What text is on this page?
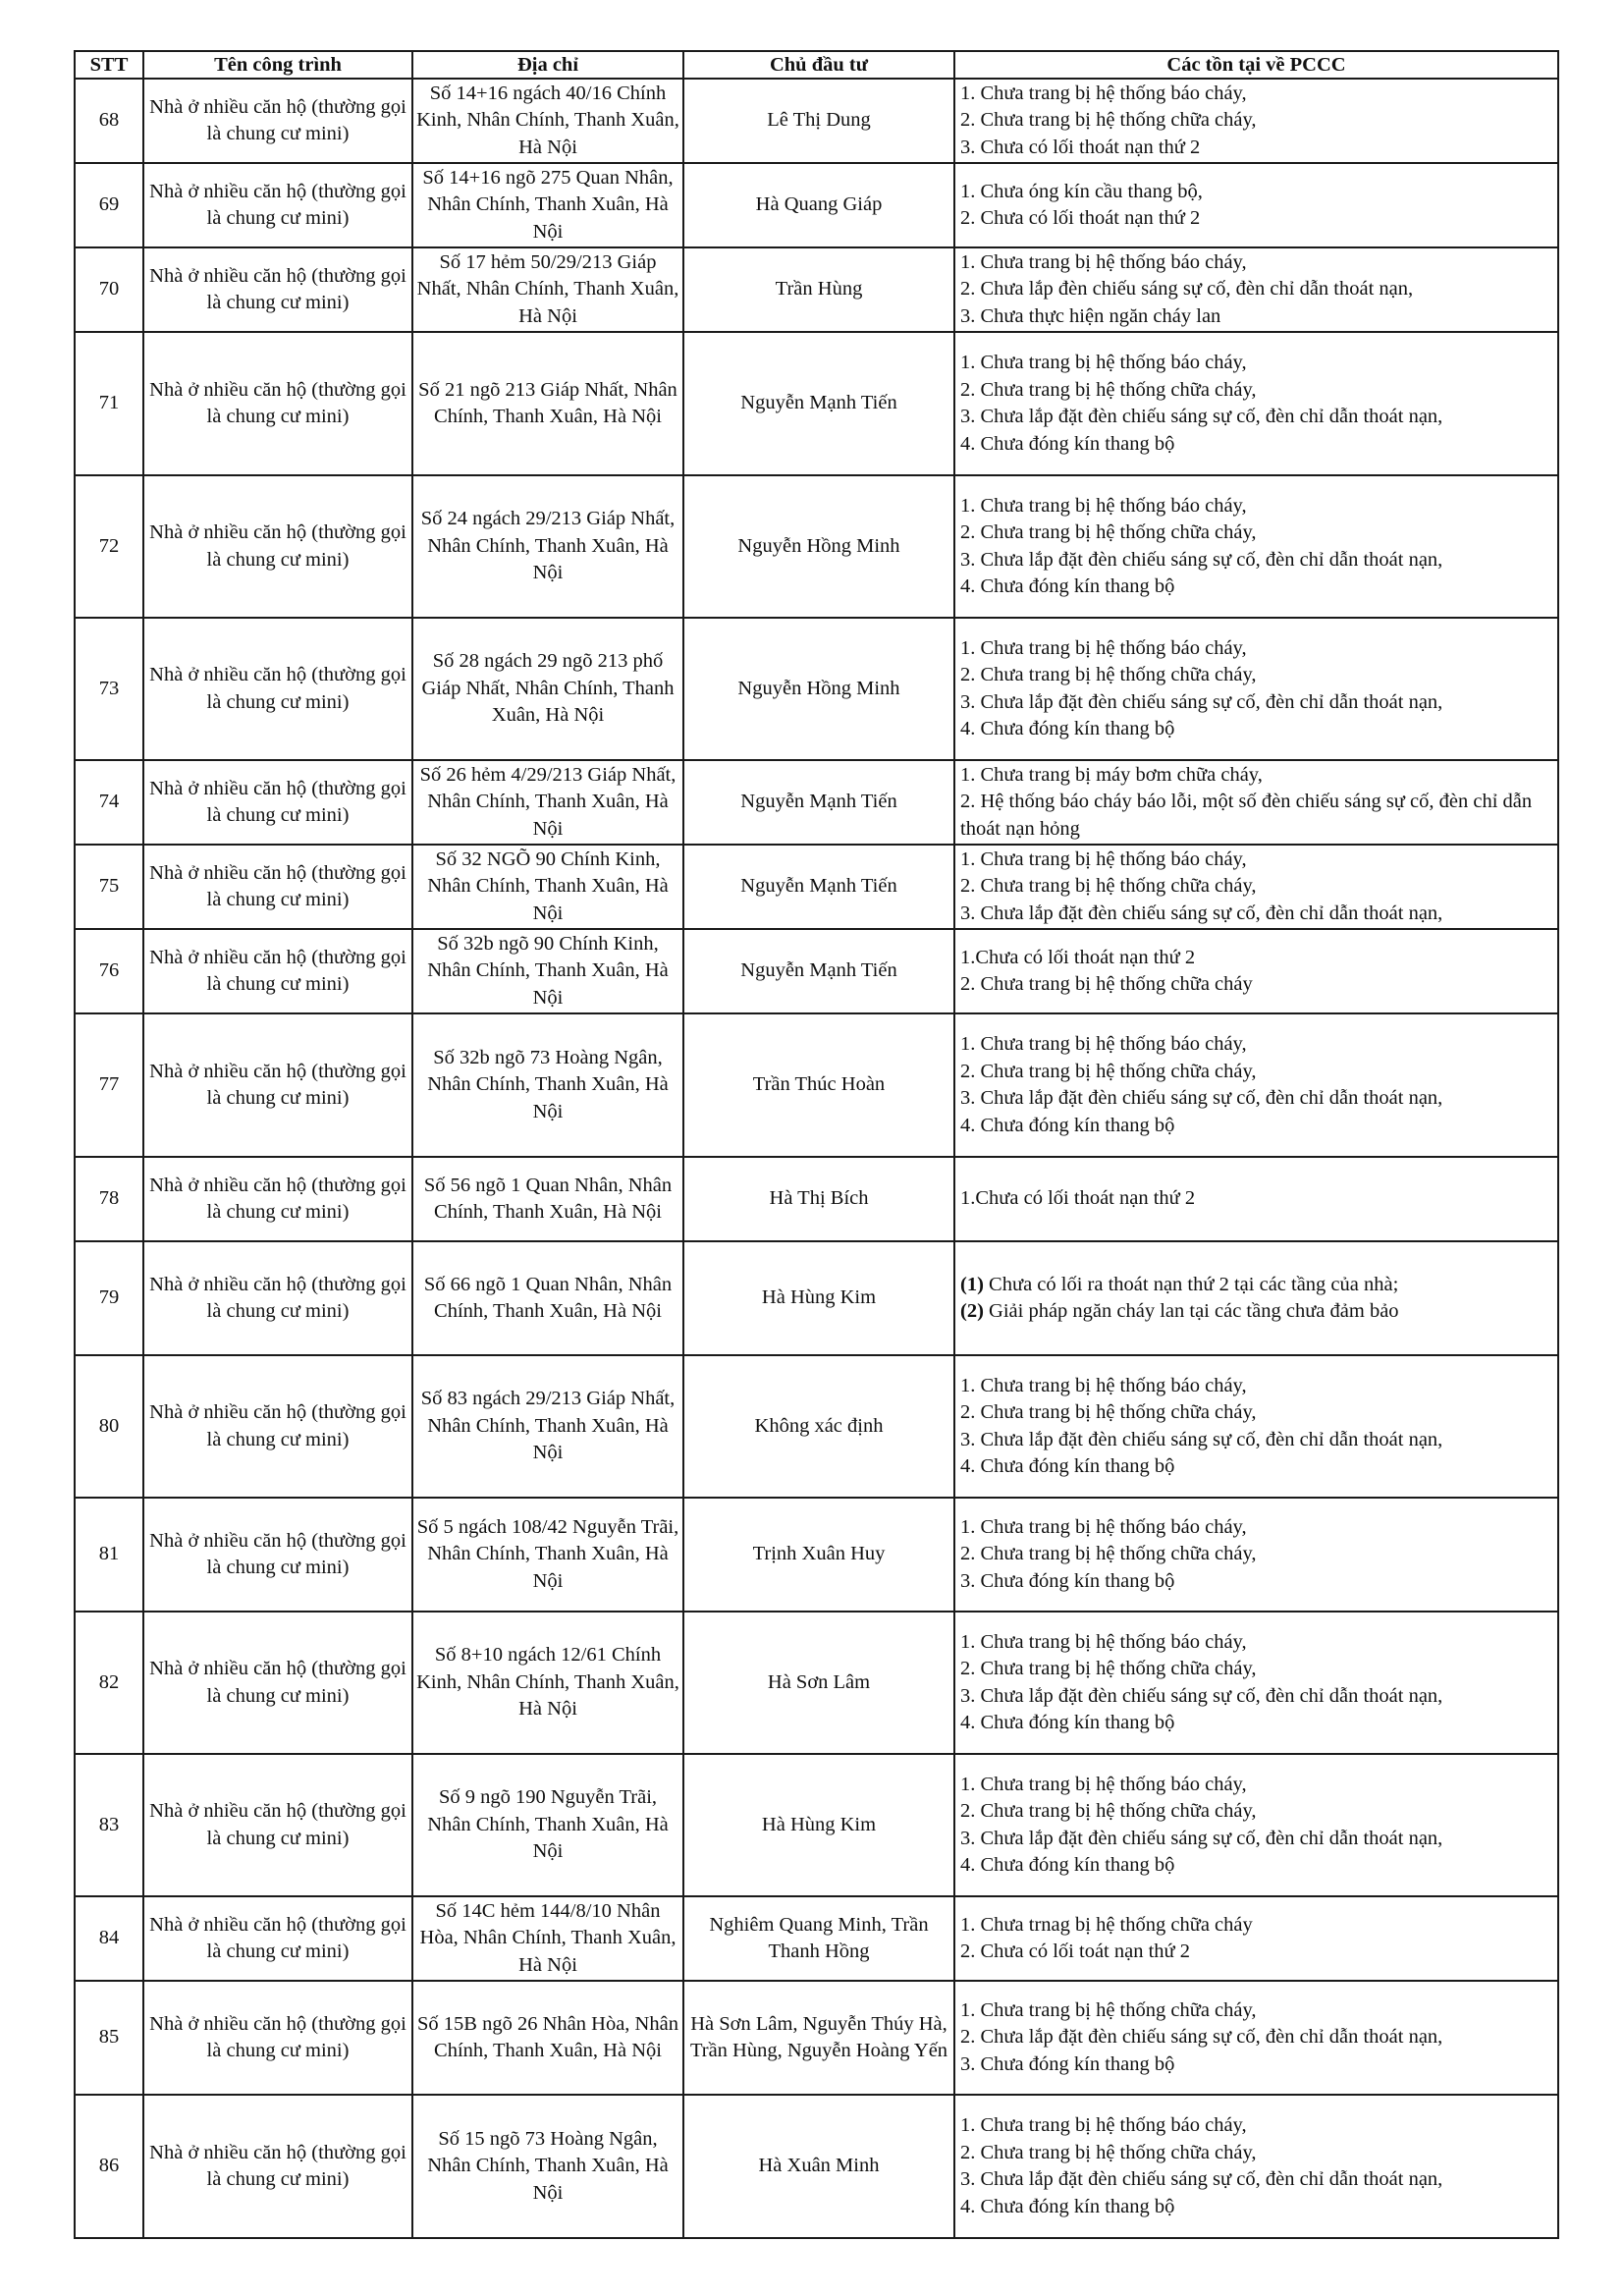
STT	Tên công trình	Địa chỉ	Chủ đầu tư	Các tồn tại về PCCC
68	Nhà ở nhiều căn hộ (thường gọi là chung cư mini)	Số 14+16 ngách 40/16 Chính Kinh, Nhân Chính, Thanh Xuân, Hà Nội	Lê Thị Dung	1. Chưa trang bị hệ thống báo cháy,
2. Chưa trang bị hệ thống chữa cháy,
3. Chưa có lối thoát nạn thứ 2

69	Nhà ở nhiều căn hộ (thường gọi là chung cư mini)	Số 14+16 ngõ 275 Quan Nhân, Nhân Chính, Thanh Xuân, Hà Nội	Hà Quang Giáp	1. Chưa óng kín cầu thang bộ,
2. Chưa có lối thoát nạn thứ 2

70	Nhà ở nhiều căn hộ (thường gọi là chung cư mini)	Số 17 hẻm 50/29/213 Giáp Nhất, Nhân Chính, Thanh Xuân, Hà Nội	Trần Hùng	1. Chưa trang bị hệ thống báo cháy,
2. Chưa lắp đèn chiếu sáng sự cố, đèn chỉ dẫn thoát nạn,
3. Chưa thực hiện ngăn cháy lan

71	Nhà ở nhiều căn hộ (thường gọi là chung cư mini)	Số 21 ngõ 213 Giáp Nhất, Nhân Chính, Thanh Xuân, Hà Nội	Nguyễn Mạnh Tiến	1. Chưa trang bị hệ thống báo cháy,
2. Chưa trang bị hệ thống chữa cháy,
3. Chưa lắp đặt đèn chiếu sáng sự cố, đèn chỉ dẫn thoát nạn,
4. Chưa đóng kín thang bộ

72	Nhà ở nhiều căn hộ (thường gọi là chung cư mini)	Số 24 ngách 29/213 Giáp Nhất, Nhân Chính, Thanh Xuân, Hà Nội	Nguyễn Hồng Minh	1. Chưa trang bị hệ thống báo cháy,
2. Chưa trang bị hệ thống chữa cháy,
3. Chưa lắp đặt đèn chiếu sáng sự cố, đèn chỉ dẫn thoát nạn,
4. Chưa đóng kín thang bộ

73	Nhà ở nhiều căn hộ (thường gọi là chung cư mini)	Số 28 ngách 29 ngõ 213 phố Giáp Nhất, Nhân Chính, Thanh Xuân, Hà Nội	Nguyễn Hồng Minh	1. Chưa trang bị hệ thống báo cháy,
2. Chưa trang bị hệ thống chữa cháy,
3. Chưa lắp đặt đèn chiếu sáng sự cố, đèn chỉ dẫn thoát nạn,
4. Chưa đóng kín thang bộ

74	Nhà ở nhiều căn hộ (thường gọi là chung cư mini)	Số 26 hẻm 4/29/213 Giáp Nhất, Nhân Chính, Thanh Xuân, Hà Nội	Nguyễn Mạnh Tiến	1. Chưa trang bị máy bơm chữa cháy,
2. Hệ thống báo cháy báo lỗi, một số đèn chiếu sáng sự cố, đèn chỉ dẫn thoát nạn hỏng

75	Nhà ở nhiều căn hộ (thường gọi là chung cư mini)	Số 32 NGÕ 90 Chính Kinh, Nhân Chính, Thanh Xuân, Hà Nội	Nguyễn Mạnh Tiến	1. Chưa trang bị hệ thống báo cháy,
2. Chưa trang bị hệ thống chữa cháy,
3. Chưa lắp đặt đèn chiếu sáng sự cố, đèn chỉ dẫn thoát nạn,

76	Nhà ở nhiều căn hộ (thường gọi là chung cư mini)	Số 32b ngõ 90 Chính Kinh, Nhân Chính, Thanh Xuân, Hà Nội	Nguyễn Mạnh Tiến	1.Chưa có lối thoát nạn thứ 2
2. Chưa trang bị hệ thống chữa cháy

77	Nhà ở nhiều căn hộ (thường gọi là chung cư mini)	Số 32b ngõ 73 Hoàng Ngân, Nhân Chính, Thanh Xuân, Hà Nội	Trần Thúc Hoàn	1. Chưa trang bị hệ thống báo cháy,
2. Chưa trang bị hệ thống chữa cháy,
3. Chưa lắp đặt đèn chiếu sáng sự cố, đèn chỉ dẫn thoát nạn,
4. Chưa đóng kín thang bộ

78	Nhà ở nhiều căn hộ (thường gọi là chung cư mini)	Số 56 ngõ 1 Quan Nhân, Nhân Chính, Thanh Xuân, Hà Nội	Hà Thị Bích	1.Chưa có lối thoát nạn thứ 2

79	Nhà ở nhiều căn hộ (thường gọi là chung cư mini)	Số 66 ngõ 1 Quan Nhân, Nhân Chính, Thanh Xuân, Hà Nội	Hà Hùng Kim	(1) Chưa có lối ra thoát nạn thứ 2 tại các tầng của nhà;
(2) Giải pháp ngăn cháy lan tại các tầng chưa đảm bảo

80	Nhà ở nhiều căn hộ (thường gọi là chung cư mini)	Số 83 ngách 29/213 Giáp Nhất, Nhân Chính, Thanh Xuân, Hà Nội	Không xác định	1. Chưa trang bị hệ thống báo cháy,
2. Chưa trang bị hệ thống chữa cháy,
3. Chưa lắp đặt đèn chiếu sáng sự cố, đèn chỉ dẫn thoát nạn,
4. Chưa đóng kín thang bộ

81	Nhà ở nhiều căn hộ (thường gọi là chung cư mini)	Số 5 ngách 108/42 Nguyễn Trãi, Nhân Chính, Thanh Xuân, Hà Nội	Trịnh Xuân Huy	1. Chưa trang bị hệ thống báo cháy,
2. Chưa trang bị hệ thống chữa cháy,
3. Chưa đóng kín thang bộ

82	Nhà ở nhiều căn hộ (thường gọi là chung cư mini)	Số 8+10 ngách 12/61 Chính Kinh, Nhân Chính, Thanh Xuân, Hà Nội	Hà Sơn Lâm	1. Chưa trang bị hệ thống báo cháy,
2. Chưa trang bị hệ thống chữa cháy,
3. Chưa lắp đặt đèn chiếu sáng sự cố, đèn chỉ dẫn thoát nạn,
4. Chưa đóng kín thang bộ

83	Nhà ở nhiều căn hộ (thường gọi là chung cư mini)	Số 9 ngõ 190 Nguyễn Trãi, Nhân Chính, Thanh Xuân, Hà Nội	Hà Hùng Kim	1. Chưa trang bị hệ thống báo cháy,
2. Chưa trang bị hệ thống chữa cháy,
3. Chưa lắp đặt đèn chiếu sáng sự cố, đèn chỉ dẫn thoát nạn,
4. Chưa đóng kín thang bộ

84	Nhà ở nhiều căn hộ (thường gọi là chung cư mini)	Số 14C hẻm 144/8/10 Nhân Hòa, Nhân Chính, Thanh Xuân, Hà Nội	Nghiêm Quang Minh, Trần Thanh Hồng	1. Chưa trnag bị hệ thống chữa cháy
2. Chưa có lối toát nạn thứ 2

85	Nhà ở nhiều căn hộ (thường gọi là chung cư mini)	Số 15B ngõ 26 Nhân Hòa, Nhân Chính, Thanh Xuân, Hà Nội	Hà Sơn Lâm, Nguyễn Thúy Hà, Trần Hùng, Nguyễn Hoàng Yến	1. Chưa trang bị hệ thống chữa cháy,
2. Chưa lắp đặt đèn chiếu sáng sự cố, đèn chỉ dẫn thoát nạn,
3. Chưa đóng kín thang bộ

86	Nhà ở nhiều căn hộ (thường gọi là chung cư mini)	Số 15 ngõ 73 Hoàng Ngân, Nhân Chính, Thanh Xuân, Hà Nội	Hà Xuân Minh	1. Chưa trang bị hệ thống báo cháy,
2. Chưa trang bị hệ thống chữa cháy,
3. Chưa lắp đặt đèn chiếu sáng sự cố, đèn chỉ dẫn thoát nạn,
4. Chưa đóng kín thang bộ
